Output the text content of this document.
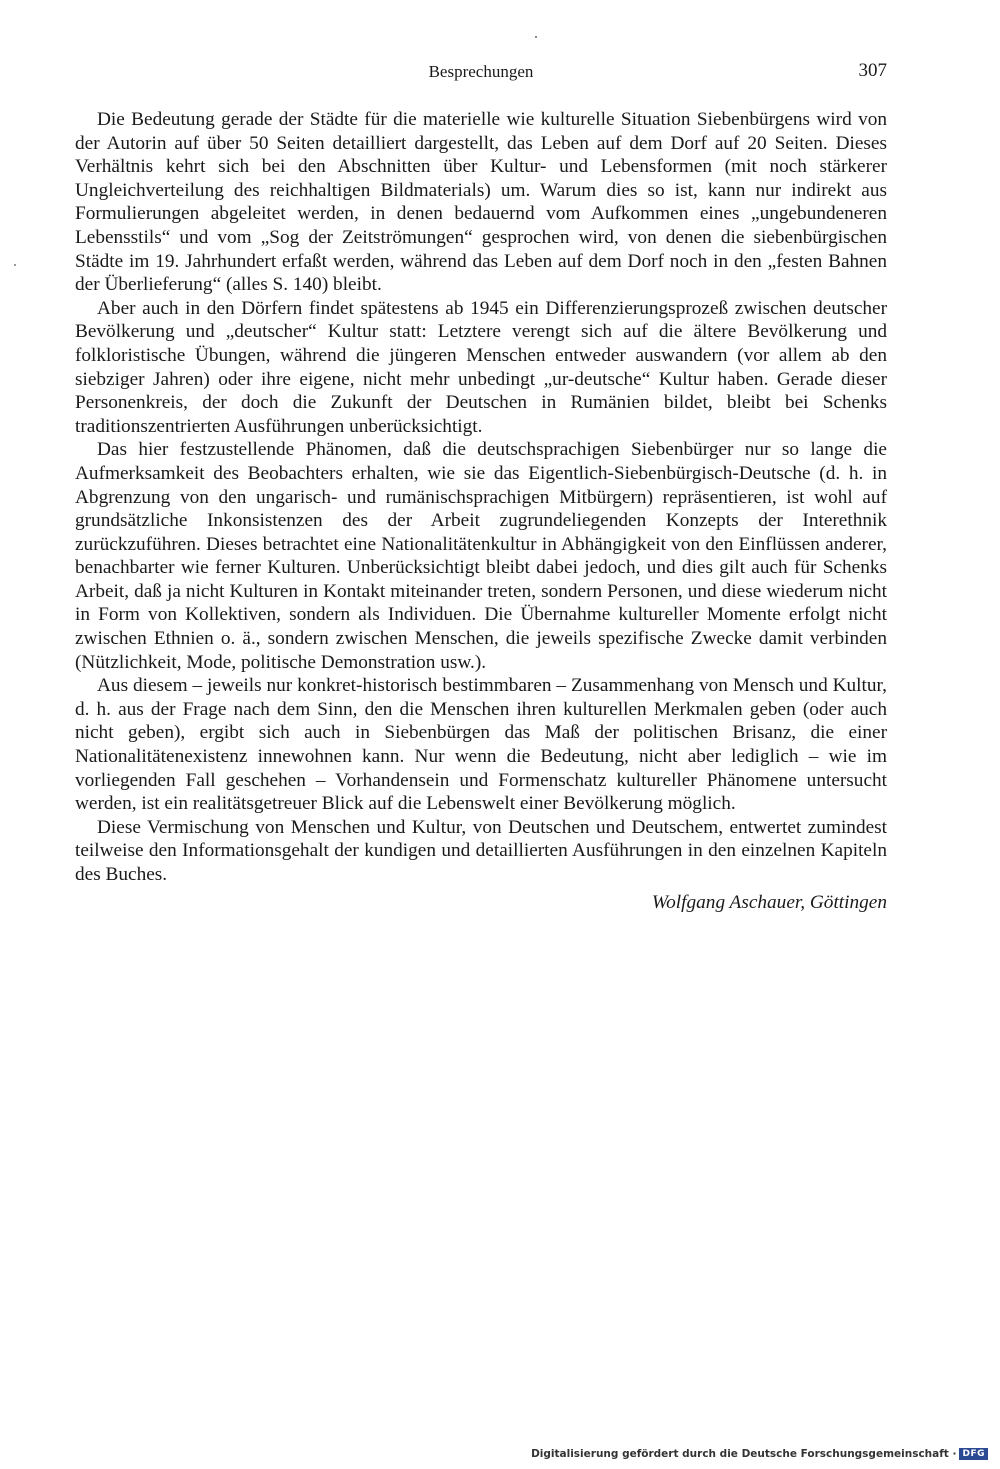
Besprechungen	307

Die Bedeutung gerade der Städte für die materielle wie kulturelle Situation Siebenbürgens wird von der Autorin auf über 50 Seiten detailliert dargestellt, das Leben auf dem Dorf auf 20 Seiten. Dieses Verhältnis kehrt sich bei den Abschnitten über Kultur- und Lebensformen (mit noch stärkerer Ungleichverteilung des reichhaltigen Bildmaterials) um. Warum dies so ist, kann nur indirekt aus Formulierungen abgeleitet werden, in denen bedauernd vom Aufkommen eines „ungebundeneren Lebensstils“ und vom „Sog der Zeitströmungen“ gesprochen wird, von denen die siebenbürgischen Städte im 19. Jahrhundert erfaßt werden, während das Leben auf dem Dorf noch in den „festen Bahnen der Überlieferung“ (alles S. 140) bleibt.

Aber auch in den Dörfern findet spätestens ab 1945 ein Differenzierungsprozeß zwischen deutscher Bevölkerung und „deutscher“ Kultur statt: Letztere verengt sich auf die ältere Bevölkerung und folkloristische Übungen, während die jüngeren Menschen entweder auswandern (vor allem ab den siebziger Jahren) oder ihre eigene, nicht mehr unbedingt „ur-deutsche“ Kultur haben. Gerade dieser Personenkreis, der doch die Zukunft der Deutschen in Rumänien bildet, bleibt bei Schenks traditionszentrierten Ausführungen unberücksichtigt.

Das hier festzustellende Phänomen, daß die deutschsprachigen Siebenbürger nur so lange die Aufmerksamkeit des Beobachters erhalten, wie sie das Eigentlich-Siebenbürgisch-Deutsche (d. h. in Abgrenzung von den ungarisch- und rumänischsprachigen Mitbürgern) repräsentieren, ist wohl auf grundsätzliche Inkonsistenzen des der Arbeit zugrundeliegenden Konzepts der Interethnik zurückzuführen. Dieses betrachtet eine Nationalitätenkultur in Abhängigkeit von den Einflüssen anderer, benachbarter wie ferner Kulturen. Unberücksichtigt bleibt dabei jedoch, und dies gilt auch für Schenks Arbeit, daß ja nicht Kulturen in Kontakt miteinander treten, sondern Personen, und diese wiederum nicht in Form von Kollektiven, sondern als Individuen. Die Übernahme kultureller Momente erfolgt nicht zwischen Ethnien o. ä., sondern zwischen Menschen, die jeweils spezifische Zwecke damit verbinden (Nützlichkeit, Mode, politische Demonstration usw.).

Aus diesem – jeweils nur konkret-historisch bestimmbaren – Zusammenhang von Mensch und Kultur, d. h. aus der Frage nach dem Sinn, den die Menschen ihren kulturellen Merkmalen geben (oder auch nicht geben), ergibt sich auch in Siebenbürgen das Maß der politischen Brisanz, die einer Nationalitätenexistenz innewohnen kann. Nur wenn die Bedeutung, nicht aber lediglich – wie im vorliegenden Fall geschehen – Vorhandensein und Formenschatz kultureller Phänomene untersucht werden, ist ein realitätsgetreuer Blick auf die Lebenswelt einer Bevölkerung möglich.

Diese Vermischung von Menschen und Kultur, von Deutschen und Deutschem, entwertet zumindest teilweise den Informationsgehalt der kundigen und detaillierten Ausführungen in den einzelnen Kapiteln des Buches.

Wolfgang Aschauer, Göttingen
Digitalisierung gefördert durch die Deutsche Forschungsgemeinschaft · DFG
